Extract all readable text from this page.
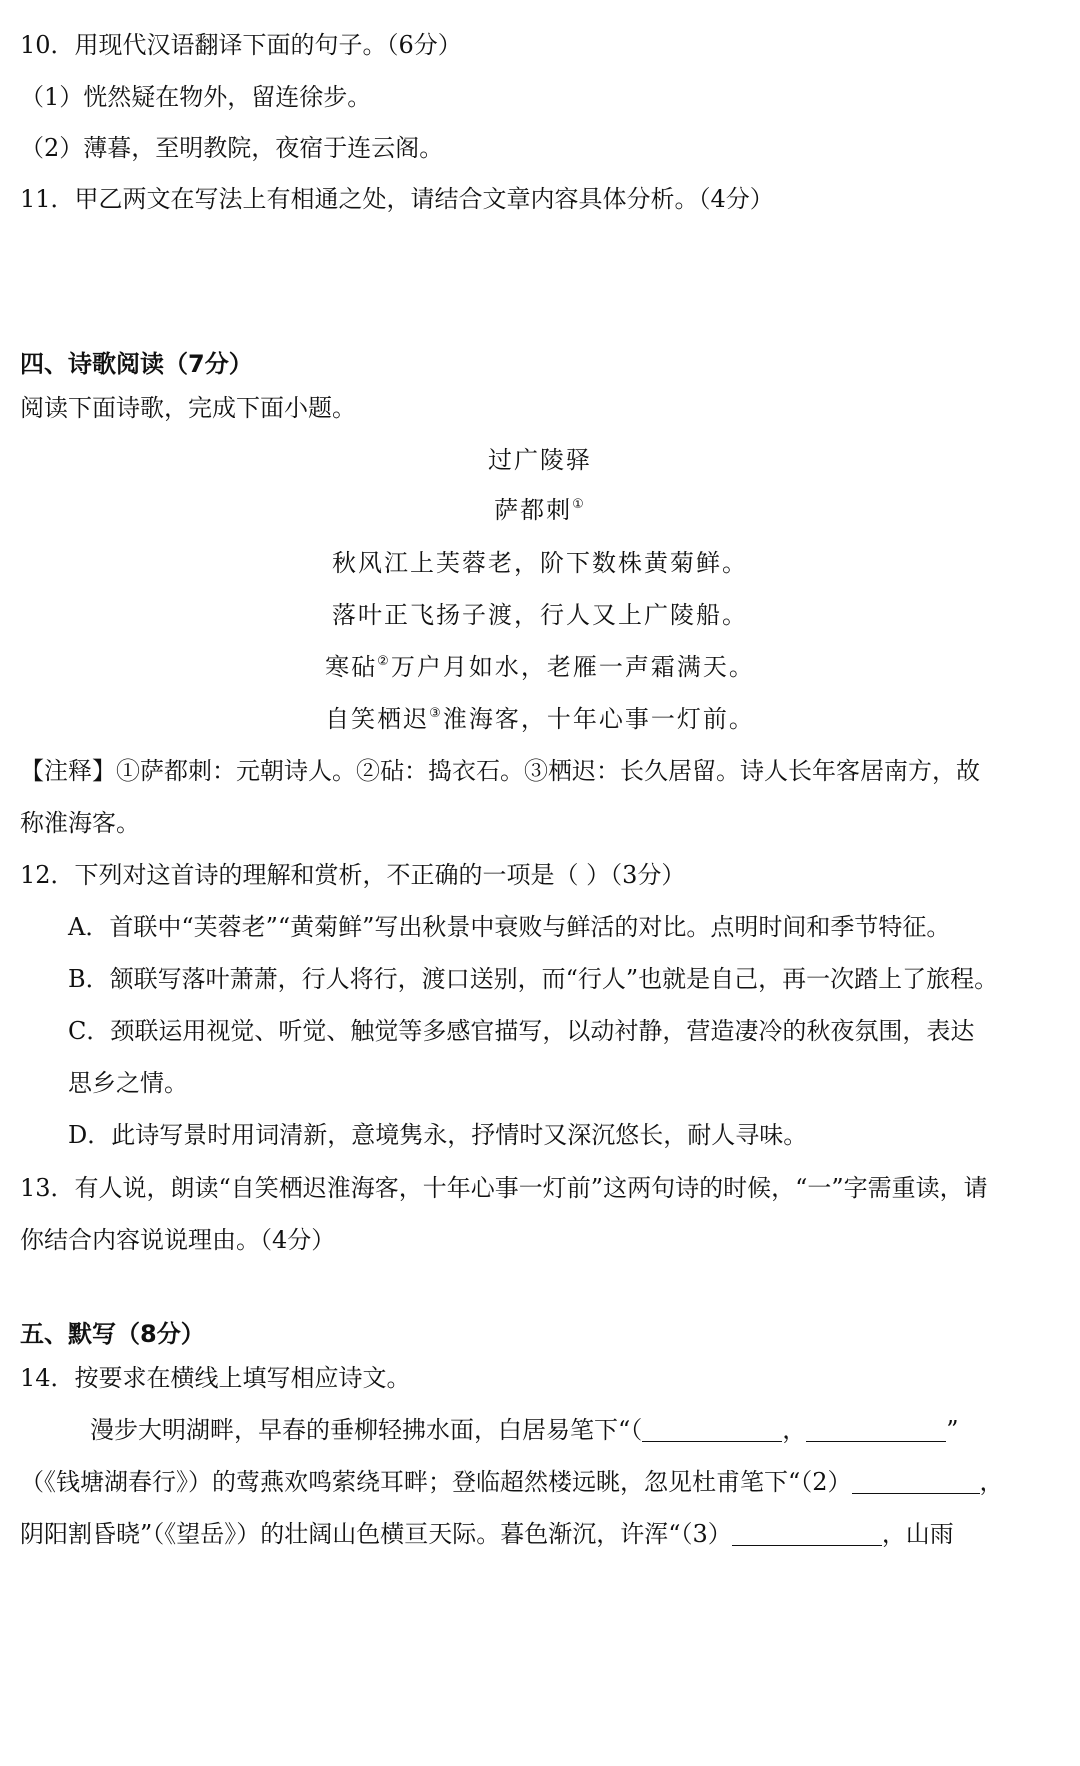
10．用现代汉语翻译下面的句子。（6分）
（1）恍然疑在物外，留连徐步。
（2）薄暮，至明教院，夜宿于连云阁。
11．甲乙两文在写法上有相通之处，请结合文章内容具体分析。（4分）
四、诗歌阅读（7分）
阅读下面诗歌，完成下面小题。
过广陵驿
萨都刺①
秋风江上芙蓉老，阶下数株黄菊鲜。
落叶正飞扬子渡，行人又上广陵船。
寒砧②万户月如水，老雁一声霜满天。
自笑栖迟③淮海客，十年心事一灯前。
【注释】①萨都刺：元朝诗人。②砧：捣衣石。③栖迟：长久居留。诗人长年客居南方，故
称淮海客。
12．下列对这首诗的理解和赏析，不正确的一项是（ ）（3分）
A．首联中“芙蓉老”“黄菊鲜”写出秋景中衰败与鲜活的对比。点明时间和季节特征。
B．颔联写落叶萧萧，行人将行，渡口送别，而“行人”也就是自己，再一次踏上了旅程。
C．颈联运用视觉、听觉、触觉等多感官描写，以动衬静，营造凄冷的秋夜氛围，表达
思乡之情。
D．此诗写景时用词清新，意境隽永，抒情时又深沉悠长，耐人寻味。
13．有人说，朗读“自笑栖迟淮海客，十年心事一灯前”这两句诗的时候，“一”字需重读，请
你结合内容说说理由。（4分）
五、默写（8分）
14．按要求在横线上填写相应诗文。
漫步大明湖畔，早春的垂柳轻拂水面，白居易笔下“（	，	”
（《钱塘湖春行》）的莺燕欢鸣萦绕耳畔；登临超然楼远眺，忽见杜甫笔下“（2）	，
阴阳割昏晓”（《望岳》）的壮阔山色横亘天际。暮色渐沉，许浑“（3）	，山雨
